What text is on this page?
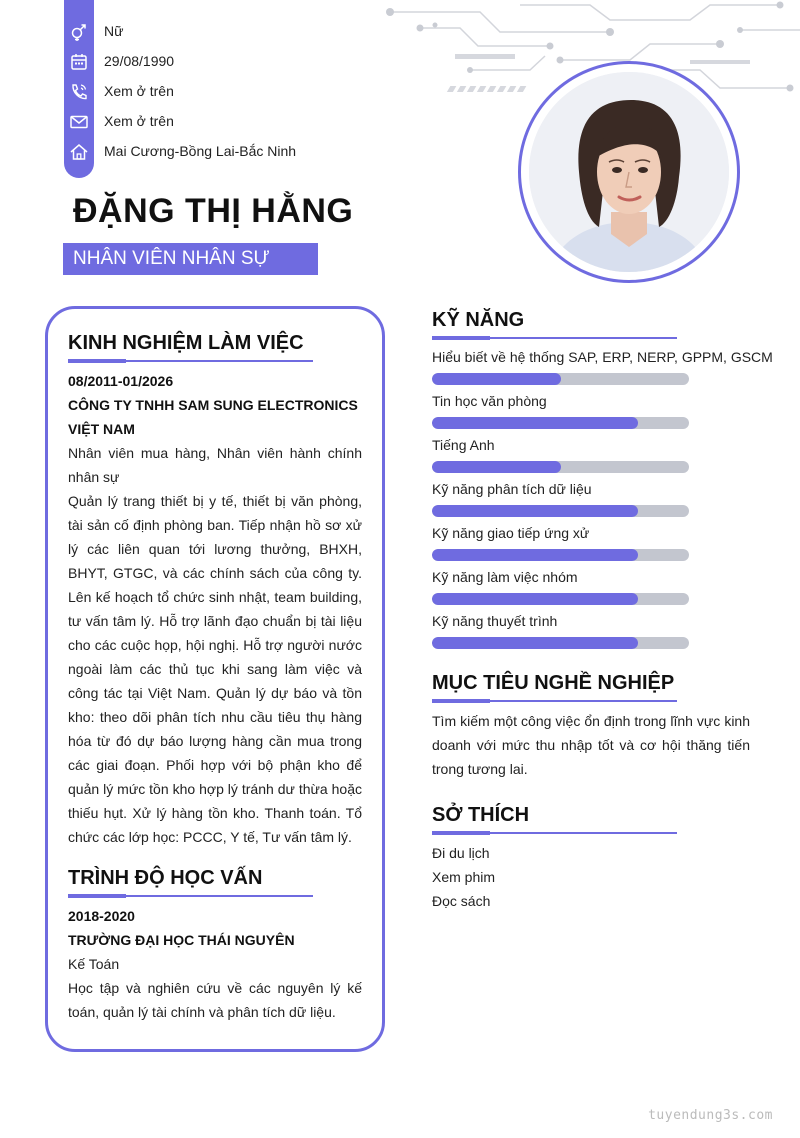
Nữ
29/08/1990
Xem ở trên
Xem ở trên
Mai Cương-Bồng Lai-Bắc Ninh
ĐẶNG THỊ HẰNG
NHÂN VIÊN NHÂN SỰ
KINH NGHIỆM LÀM VIỆC
08/2011-01/2026
CÔNG TY TNHH SAM SUNG ELECTRONICS VIỆT NAM
Nhân viên mua hàng, Nhân viên hành chính nhân sự
Quản lý trang thiết bị y tế, thiết bị văn phòng, tài sản cố định phòng ban. Tiếp nhận hồ sơ xử lý các liên quan tới lương thưởng, BHXH, BHYT, GTGC, và các chính sách của công ty. Lên kế hoạch tổ chức sinh nhật, team building, tư vấn tâm lý. Hỗ trợ lãnh đạo chuẩn bị tài liệu cho các cuộc họp, hội nghị. Hỗ trợ người nước ngoài làm các thủ tục khi sang làm việc và công tác tại Việt Nam. Quản lý dự báo và tồn kho: theo dõi phân tích nhu cầu tiêu thụ hàng hóa từ đó dự báo lượng hàng cần mua trong các giai đoạn. Phối hợp với bộ phận kho để quản lý mức tồn kho hợp lý tránh dư thừa hoặc thiếu hụt. Xử lý hàng tồn kho. Thanh toán. Tổ chức các lớp học: PCCC, Y tế, Tư vấn tâm lý.
TRÌNH ĐỘ HỌC VẤN
2018-2020
TRƯỜNG ĐẠI HỌC THÁI NGUYÊN
Kế Toán
Học tập và nghiên cứu về các nguyên lý kế toán, quản lý tài chính và phân tích dữ liệu.
KỸ NĂNG
Hiểu biết về hệ thống SAP, ERP, NERP, GPPM, GSCM
Tin học văn phòng
Tiếng Anh
Kỹ năng phân tích dữ liệu
Kỹ năng giao tiếp ứng xử
Kỹ năng làm việc nhóm
Kỹ năng thuyết trình
MỤC TIÊU NGHỀ NGHIỆP
Tìm kiếm một công việc ổn định trong lĩnh vực kinh doanh với mức thu nhập tốt và cơ hội thăng tiến trong tương lai.
SỞ THÍCH
Đi du lịch
Xem phim
Đọc sách
tuyendung3s.com
